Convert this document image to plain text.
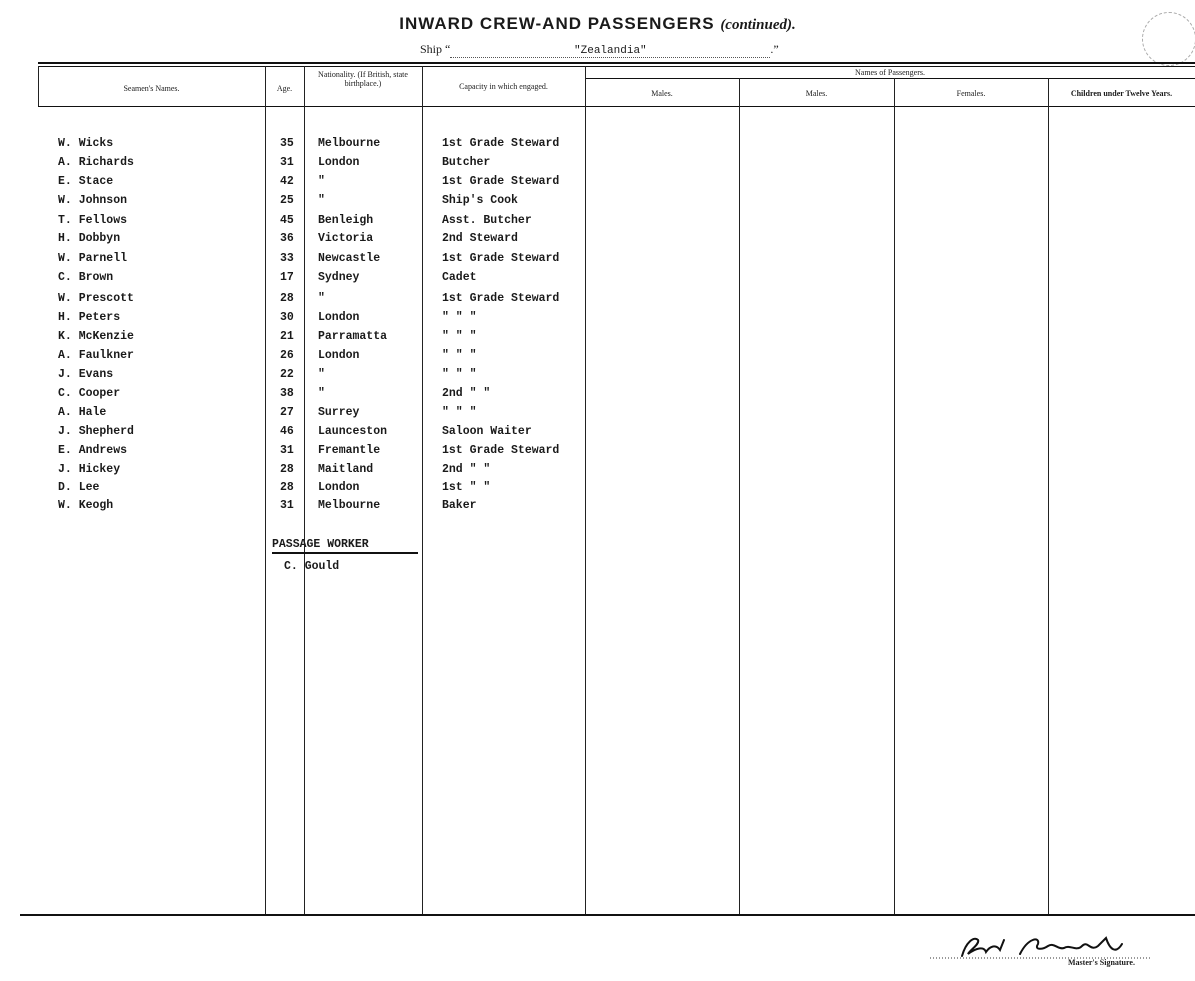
INWARD CREW-AND PASSENGERS (continued).
Ship “	"Zealandia"	.”
Seamen's Names.	Age.
Nationality. (If British, state birthplace.)	Capacity in which engaged.
Names of Passengers.
Males.	Males.	Females.	Children under Twelve Years.
W. Wicks	35	Melbourne	1st Grade Steward
A. Richards	31	London	Butcher
E. Stace	42	"	1st Grade Steward
W. Johnson	25	"	Ship's Cook
T. Fellows	45	Benleigh	Asst. Butcher
H. Dobbyn	36	Victoria	2nd Steward
W. Parnell	33	Newcastle	1st Grade Steward
C. Brown	17	Sydney	Cadet
W. Prescott	28	"	1st Grade Steward
H. Peters	30	London	" " "
K. McKenzie	21	Parramatta	" " "
A. Faulkner	26	London	" " "
J. Evans	22	"	" " "
C. Cooper	38	"	2nd " "
A. Hale	27	Surrey	" " "
J. Shepherd	46	Launceston	Saloon Waiter
E. Andrews	31	Fremantle	1st Grade Steward
J. Hickey	28	Maitland	2nd " "
D. Lee	28	London	1st " "
W. Keogh	31	Melbourne	Baker
PASSAGE WORKER
C. Gould
Master's Signature.
